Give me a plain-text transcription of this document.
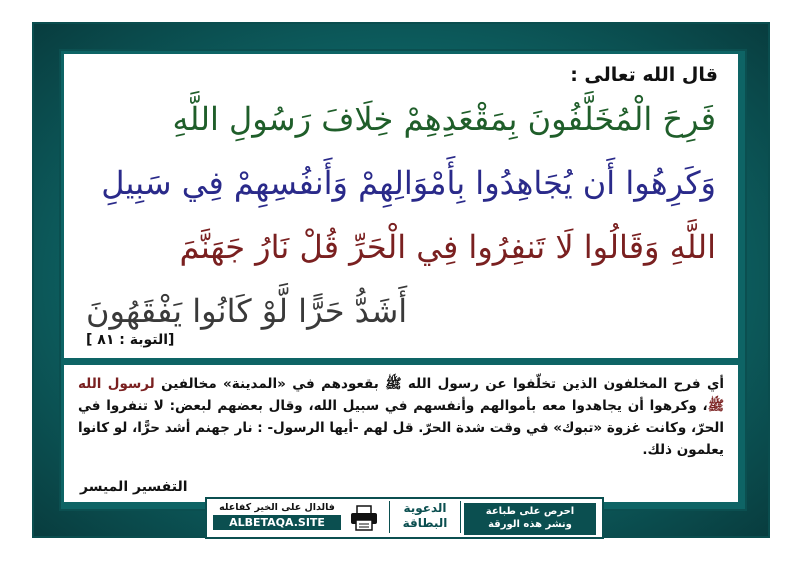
قال الله تعالى :
فَرِحَ الْمُخَلَّفُونَ بِمَقْعَدِهِمْ خِلَافَ رَسُولِ اللَّهِ
وَكَرِهُوا أَن يُجَاهِدُوا بِأَمْوَالِهِمْ وَأَنفُسِهِمْ فِي سَبِيلِ
اللَّهِ وَقَالُوا لَا تَنفِرُوا فِي الْحَرِّ قُلْ نَارُ جَهَنَّمَ
أَشَدُّ حَرًّا لَّوْ كَانُوا يَفْقَهُونَ
[التوبة : ٨١ ]
أي فرح المخلفون الذين تخلّفوا عن رسول الله ﷺ بقعودهم في «المدينة» مخالفين لرسول الله ﷺ، وكرهوا أن يجاهدوا معه بأموالهم وأنفسهم في سبيل الله، وقال بعضهم لبعض: لا تنفروا في الحرّ، وكانت غزوة «تبوك» في وقت شدة الحرّ. قل لهم -أيها الرسول- : نار جهنم أشد حرًّا، لو كانوا يعلمون ذلك.
التفسير الميسر
فالدال على الخير كفاعله
ALBETAQA.SITE
الدعوية
البطاقة
احرص على طباعة
ونشر هذه الورقة
